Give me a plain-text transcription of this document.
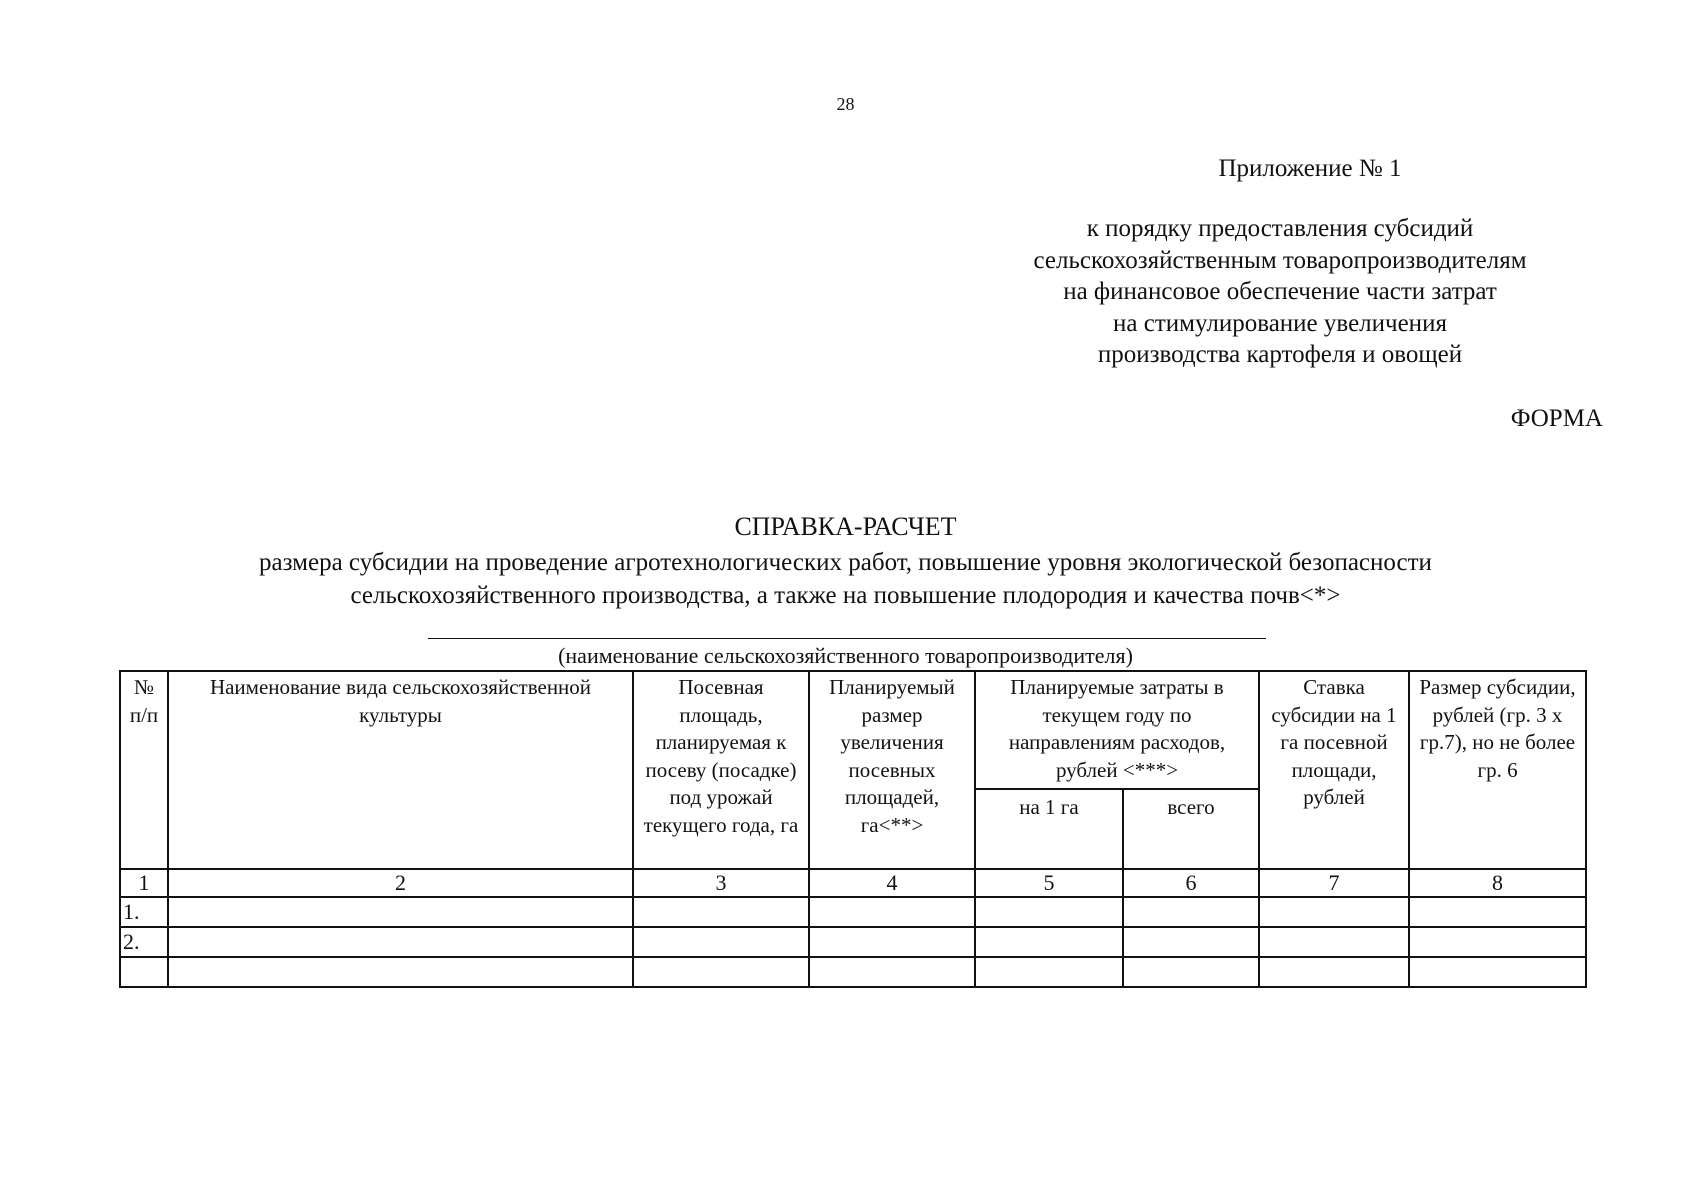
28
Приложение № 1
к порядку предоставления субсидий
сельскохозяйственным товаропроизводителям
на финансовое обеспечение части затрат
на стимулирование увеличения
производства картофеля и овощей
ФОРМА
СПРАВКА-РАСЧЕТ
размера субсидии на проведение агротехнологических работ, повышение уровня экологической безопасности
сельскохозяйственного производства, а также на повышение плодородия и качества почв<*>
(наименование сельскохозяйственного товаропроизводителя)
№ п/п	Наименование вида сельскохозяйственной культуры	Посевная площадь, планируемая к посеву (посадке) под урожай текущего года, га	Планируемый размер увеличения посевных площадей, га<**>	Планируемые затраты в текущем году по направлениям расходов, рублей <***>		Ставка субсидии на 1 га посевной площади, рублей	Размер субсидии, рублей (гр. 3 х гр.7), но не более гр. 6
				на 1 га	всего		
1	2	3	4	5	6	7	8
1.							
2.							
